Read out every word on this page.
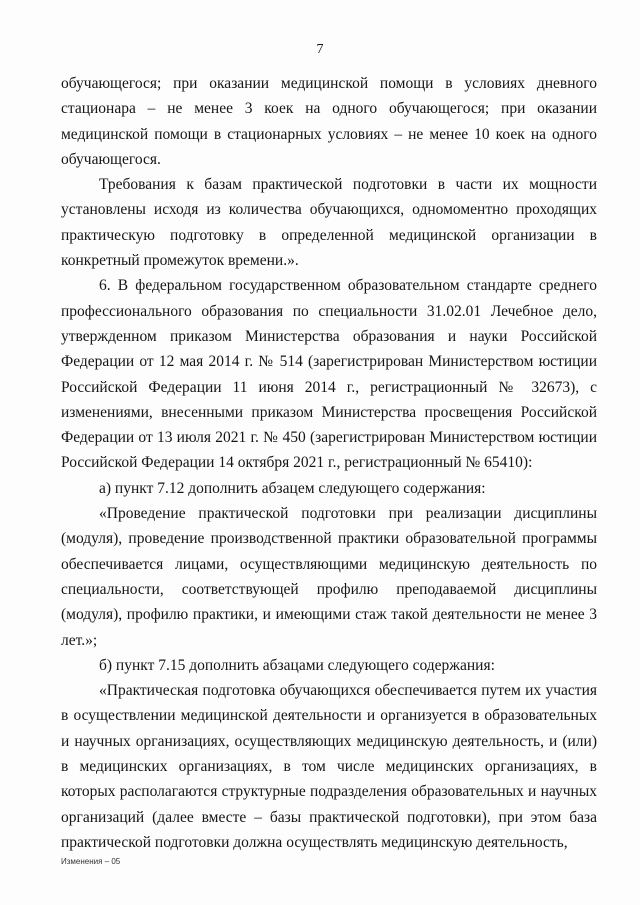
7

обучающегося; при оказании медицинской помощи в условиях дневного стационара – не менее 3 коек на одного обучающегося; при оказании медицинской помощи в стационарных условиях – не менее 10 коек на одного обучающегося.

Требования к базам практической подготовки в части их мощности установлены исходя из количества обучающихся, одномоментно проходящих практическую подготовку в определенной медицинской организации в конкретный промежуток времени.».

6. В федеральном государственном образовательном стандарте среднего профессионального образования по специальности 31.02.01 Лечебное дело, утвержденном приказом Министерства образования и науки Российской Федерации от 12 мая 2014 г. № 514 (зарегистрирован Министерством юстиции Российской Федерации 11 июня 2014 г., регистрационный № 32673), с изменениями, внесенными приказом Министерства просвещения Российской Федерации от 13 июля 2021 г. № 450 (зарегистрирован Министерством юстиции Российской Федерации 14 октября 2021 г., регистрационный № 65410):

а) пункт 7.12 дополнить абзацем следующего содержания:

«Проведение практической подготовки при реализации дисциплины (модуля), проведение производственной практики образовательной программы обеспечивается лицами, осуществляющими медицинскую деятельность по специальности, соответствующей профилю преподаваемой дисциплины (модуля), профилю практики, и имеющими стаж такой деятельности не менее 3 лет.»;

б) пункт 7.15 дополнить абзацами следующего содержания:

«Практическая подготовка обучающихся обеспечивается путем их участия в осуществлении медицинской деятельности и организуется в образовательных и научных организациях, осуществляющих медицинскую деятельность, и (или) в медицинских организациях, в том числе медицинских организациях, в которых располагаются структурные подразделения образовательных и научных организаций (далее вместе – базы практической подготовки), при этом база практической подготовки должна осуществлять медицинскую деятельность,

Изменения – 05
